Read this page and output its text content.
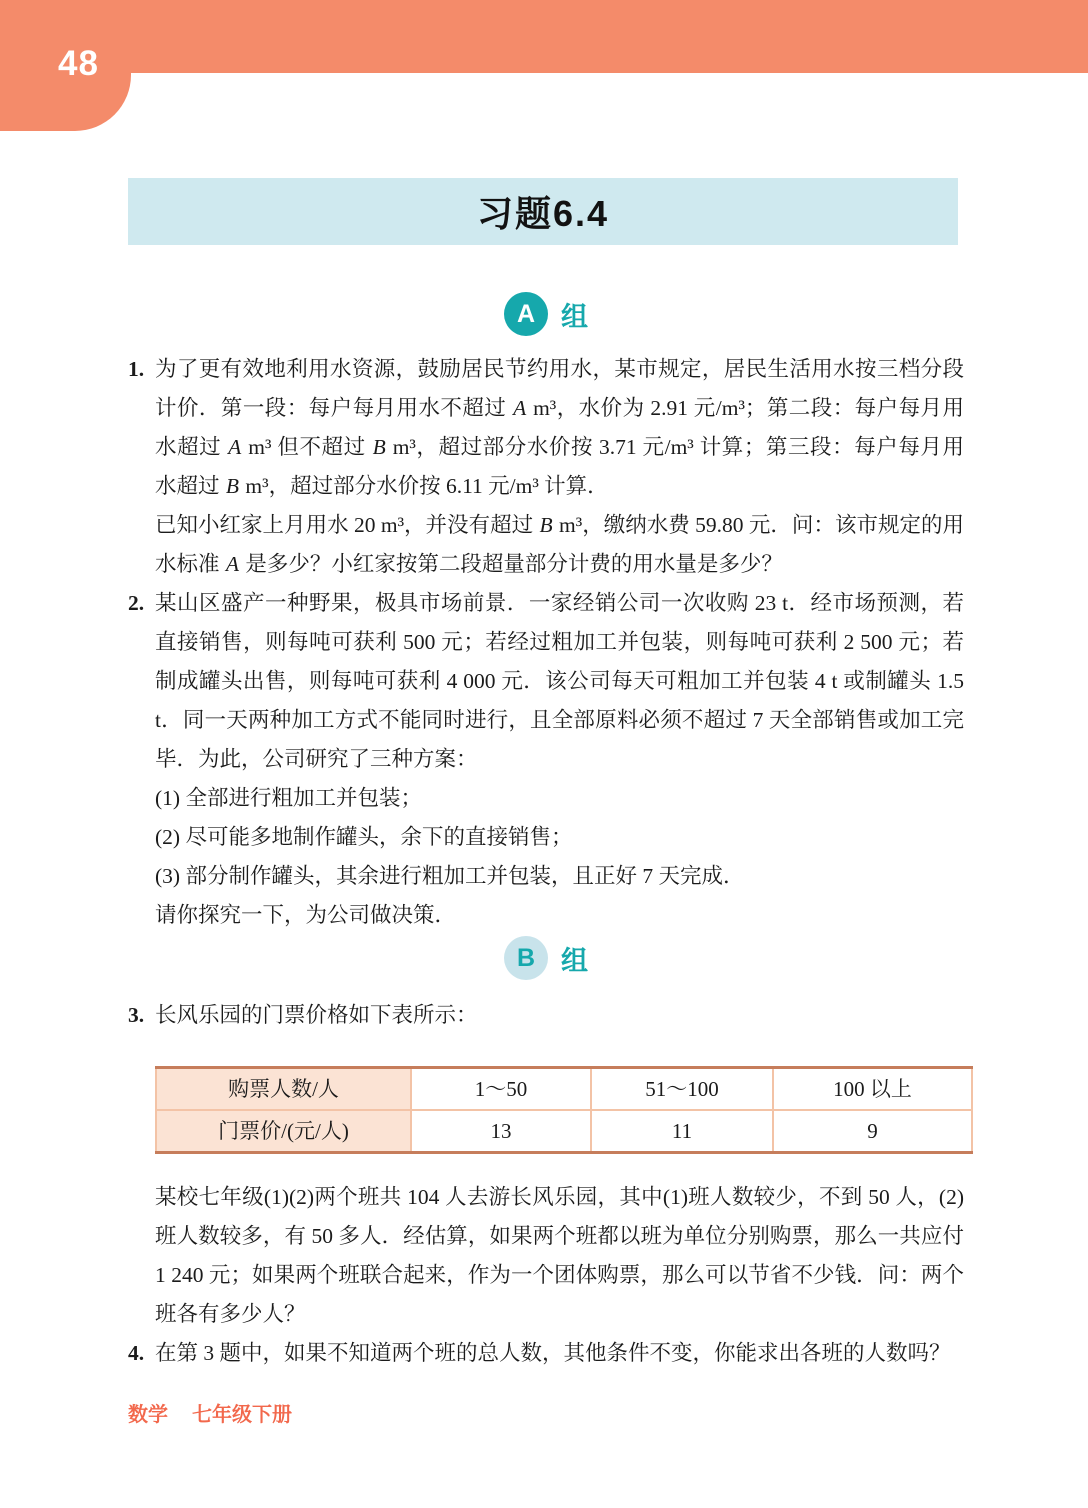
48
习题6.4
A 组
1. 为了更有效地利用水资源，鼓励居民节约用水，某市规定，居民生活用水按三档分段计价．第一段：每户每月用水不超过 A m³，水价为 2.91 元/m³；第二段：每户每月用水超过 A m³ 但不超过 B m³，超过部分水价按 3.71 元/m³ 计算；第三段：每户每月用水超过 B m³，超过部分水价按 6.11 元/m³ 计算．

已知小红家上月用水 20 m³，并没有超过 B m³，缴纳水费 59.80 元．问：该市规定的用水标准 A 是多少？小红家按第二段超量部分计费的用水量是多少？

2. 某山区盛产一种野果，极具市场前景．一家经销公司一次收购 23 t．经市场预测，若直接销售，则每吨可获利 500 元；若经过粗加工并包装，则每吨可获利 2 500 元；若制成罐头出售，则每吨可获利 4 000 元．该公司每天可粗加工并包装 4 t 或制罐头 1.5 t．同一天两种加工方式不能同时进行，且全部原料必须不超过 7 天全部销售或加工完毕．为此，公司研究了三种方案：

(1) 全部进行粗加工并包装；

(2) 尽可能多地制作罐头，余下的直接销售；

(3) 部分制作罐头，其余进行粗加工并包装，且正好 7 天完成．

请你探究一下，为公司做决策．

B 组
3. 长风乐园的门票价格如下表所示：

购票人数/人	1～50	51～100	100 以上
门票价/(元/人)	13	11	9

某校七年级(1)(2)两个班共 104 人去游长风乐园，其中(1)班人数较少，不到 50 人，(2)班人数较多，有 50 多人．经估算，如果两个班都以班为单位分别购票，那么一共应付 1 240 元；如果两个班联合起来，作为一个团体购票，那么可以节省不少钱．问：两个班各有多少人？

4. 在第 3 题中，如果不知道两个班的总人数，其他条件不变，你能求出各班的人数吗？

数学 七年级下册
